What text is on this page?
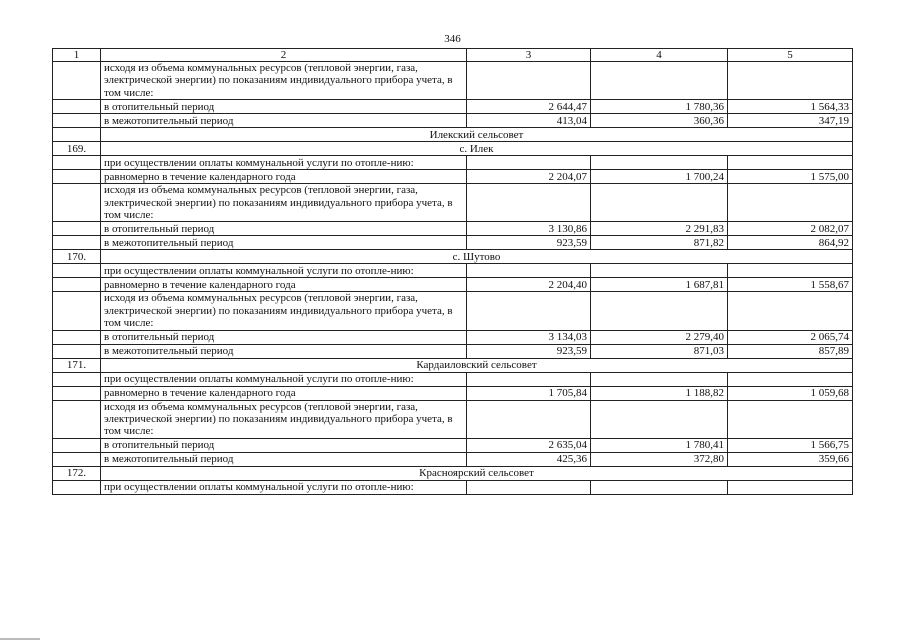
346
1	2	3	4	5
	исходя из объема коммунальных ресурсов (тепловой энергии, газа, электрической энергии) по показаниям индивидуального прибора учета, в том числе:			
	в отопительный период	2 644,47	1 780,36	1 564,33
	в межотопительный период	413,04	360,36	347,19
	Илекский сельсовет			
169.	с. Илек			
	при осуществлении оплаты коммунальной услуги по отопле-нию:			
	равномерно в течение календарного года	2 204,07	1 700,24	1 575,00
	исходя из объема коммунальных ресурсов (тепловой энергии, газа, электрической энергии) по показаниям индивидуального прибора учета, в том числе:			
	в отопительный период	3 130,86	2 291,83	2 082,07
	в межотопительный период	923,59	871,82	864,92
170.	с. Шутово			
	при осуществлении оплаты коммунальной услуги по отопле-нию:			
	равномерно в течение календарного года	2 204,40	1 687,81	1 558,67
	исходя из объема коммунальных ресурсов (тепловой энергии, газа, электрической энергии) по показаниям индивидуального прибора учета, в том числе:			
	в отопительный период	3 134,03	2 279,40	2 065,74
	в межотопительный период	923,59	871,03	857,89
171.	Кардаиловский сельсовет			
	при осуществлении оплаты коммунальной услуги по отопле-нию:			
	равномерно в течение календарного года	1 705,84	1 188,82	1 059,68
	исходя из объема коммунальных ресурсов (тепловой энергии, газа, электрической энергии) по показаниям индивидуального прибора учета, в том числе:			
	в отопительный период	2 635,04	1 780,41	1 566,75
	в межотопительный период	425,36	372,80	359,66
172.	Красноярский сельсовет			
	при осуществлении оплаты коммунальной услуги по отопле-нию:			
